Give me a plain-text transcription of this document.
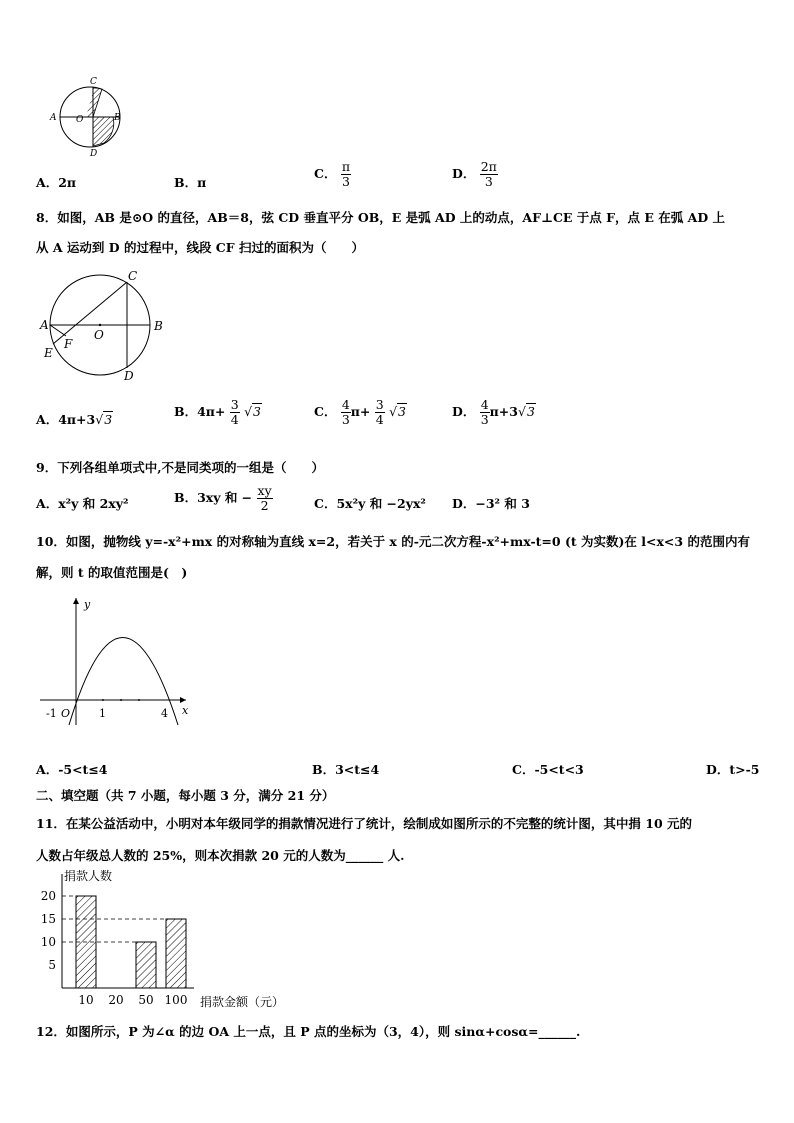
C
A O	B
D
A．2π	B．π
C． $\frac{\pi}{3}$	D． $\frac{2\pi}{3}$
8．如图，AB 是⊙O 的直径，AB＝8，弦 CD 垂直平分 OB，E 是弧 AD 上的动点，AF⊥CE 于点 F，点 E 在弧 AD 上
从 A 运动到 D 的过程中，线段 CF 扫过的面积为（　　）
C
A
O
B
F
E
D
A．4π+3√3
B．$4\pi+ \frac{3}{4} √3$	C． $\frac{4}{3} \pi+ \frac{3}{4} √3$	D． $\frac{4}{3} \pi+3√3$
9．下列各组单项式中,不是同类项的一组是（　　）
A．x²y 和 2xy²	B．3xy 和 − $\frac{xy}{2}$	C．5x²y 和 −2yx² D．−3² 和 3
10．如图，抛物线 y=-x²+mx 的对称轴为直线 x=2，若关于 x 的-元二次方程-x²+mx-t=0 (t 为实数)在 l<x<3 的范围内有
解，则 t 的取值范围是(　)
y
x
-1 O	1	4
A．-5<t≤4	B．3<t≤4	C．-5<t<3	D．t>-5
二、填空题（共 7 小题，每小题 3 分，满分 21 分）
11．在某公益活动中，小明对本年级同学的捐款情况进行了统计，绘制成如图所示的不完整的统计图，其中捐 10 元的
人数占年级总人数的 25%，则本次捐款 20 元的人数为______ 人.
5
10
15
20
10 20 50 100
捐款人数
捐款金额（元）
12．如图所示，P 为∠α 的边 OA 上一点，且 P 点的坐标为（3，4），则 sinα+cosα=______.
